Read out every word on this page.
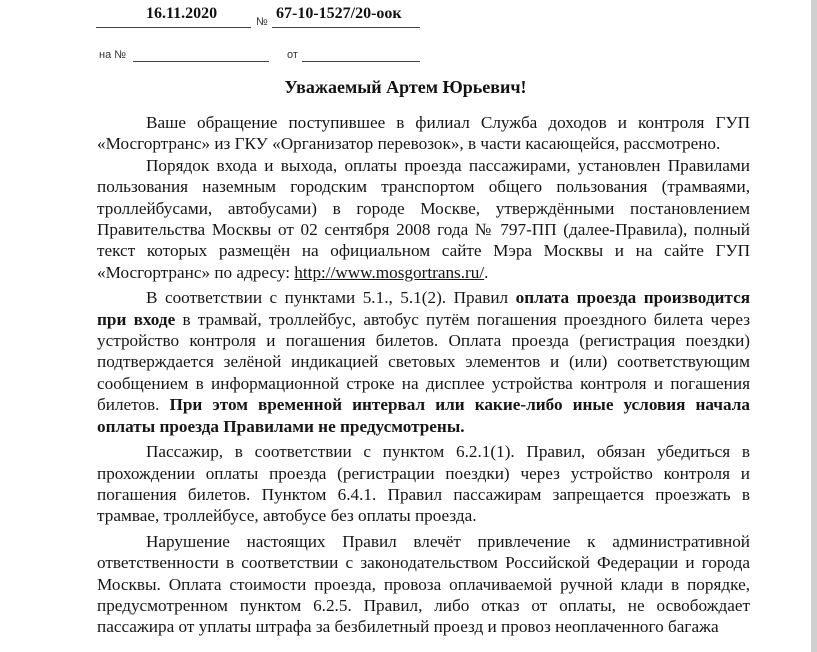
16.11.2020	№ 67-10-1527/20-оок
на №	от
Уважаемый Артем Юрьевич!

Ваше обращение поступившее в филиал Служба доходов и контроля ГУП «Мосгортранс» из ГКУ «Организатор перевозок», в части касающейся, рассмотрено.

Порядок входа и выхода, оплаты проезда пассажирами, установлен Правилами пользования наземным городским транспортом общего пользования (трамваями, троллейбусами, автобусами) в городе Москве, утверждёнными постановлением Правительства Москвы от 02 сентября 2008 года № 797-ПП (далее-Правила), полный текст которых размещён на официальном сайте Мэра Москвы и на сайте ГУП «Мосгортранс» по адресу: http://www.mosgortrans.ru/.

В соответствии с пунктами 5.1., 5.1(2). Правил оплата проезда производится при входе в трамвай, троллейбус, автобус путём погашения проездного билета через устройство контроля и погашения билетов. Оплата проезда (регистрация поездки) подтверждается зелёной индикацией световых элементов и (или) соответствующим сообщением в информационной строке на дисплее устройства контроля и погашения билетов. При этом временной интервал или какие-либо иные условия начала оплаты проезда Правилами не предусмотрены.

Пассажир, в соответствии с пунктом 6.2.1(1). Правил, обязан убедиться в прохождении оплаты проезда (регистрации поездки) через устройство контроля и погашения билетов. Пунктом 6.4.1. Правил пассажирам запрещается проезжать в трамвае, троллейбусе, автобусе без оплаты проезда.

Нарушение настоящих Правил влечёт привлечение к административной ответственности в соответствии с законодательством Российской Федерации и города Москвы. Оплата стоимости проезда, провоза оплачиваемой ручной клади в порядке, предусмотренном пунктом 6.2.5. Правил, либо отказ от оплаты, не освобождает пассажира от уплаты штрафа за безбилетный проезд и провоз неоплаченного багажа
